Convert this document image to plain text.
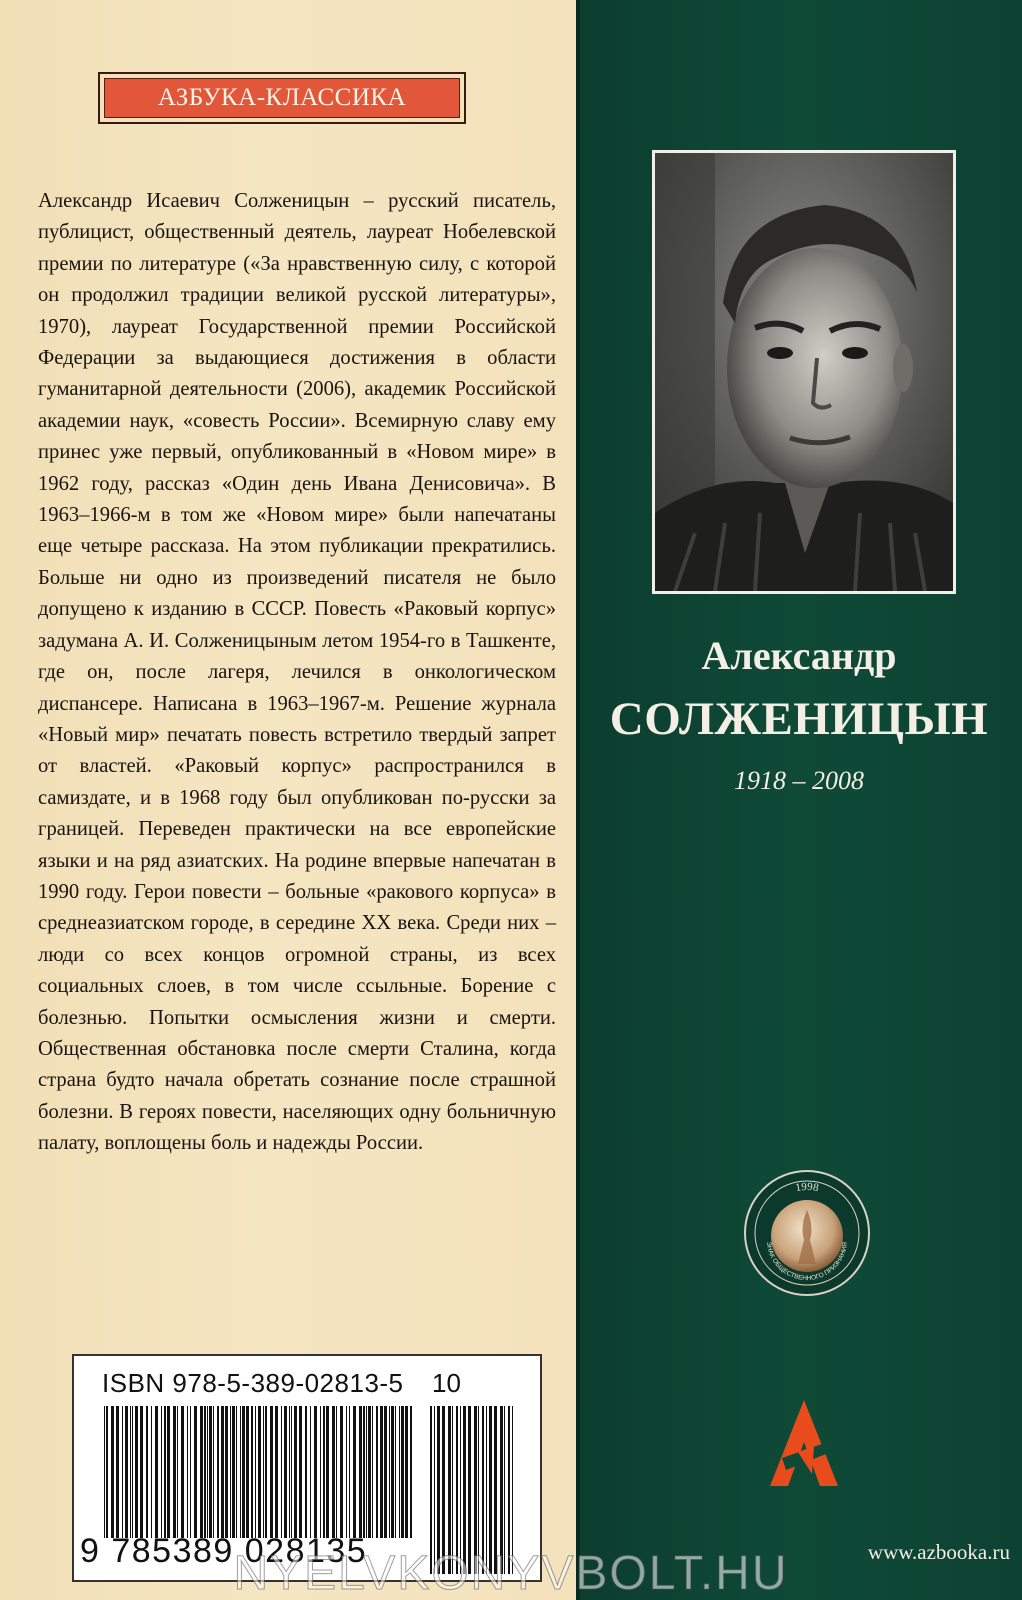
АЗБУКА-КЛАССИКА

Александр Исаевич Солженицын – русский писатель, публицист, общественный деятель, лауреат Нобелевской премии по литературе («За нравственную силу, с которой он продолжил традиции великой русской литературы», 1970), лауреат Государственной премии Российской Федерации за выдающиеся достижения в области гуманитарной деятельности (2006), академик Российской академии наук, «совесть России». Всемирную славу ему принес уже первый, опубликованный в «Новом мире» в 1962 году, рассказ «Один день Ивана Денисовича». В 1963–1966-м в том же «Новом мире» были напечатаны еще четыре рассказа. На этом публикации прекратились. Больше ни одно из произведений писателя не было допущено к изданию в СССР. Повесть «Раковый корпус» задумана А. И. Солженицыным летом 1954-го в Ташкенте, где он, после лагеря, лечился в онкологическом диспансере. Написана в 1963–1967-м. Решение журнала «Новый мир» печатать повесть встретило твердый запрет от властей. «Раковый корпус» распространился в самиздате, и в 1968 году был опубликован по-русски за границей. Переведен практически на все европейские языки и на ряд азиатских. На родине впервые напечатан в 1990 году. Герои повести – больные «ракового корпуса» в среднеазиатском городе, в середине XX века. Среди них – люди со всех концов огромной страны, из всех социальных слоев, в том числе ссыльные. Борение с болезнью. Попытки осмысления жизни и смерти. Общественная обстановка после смерти Сталина, когда страна будто начала обретать сознание после страшной болезни. В героях повести, населяющих одну больничную палату, воплощены боль и надежды России.

ISBN 978-5-389-02813-5 10
9 785389 028135
Александр
СОЛЖЕНИЦЫН

1918 – 2008

1998
ЗНАК ОБЩЕСТВЕННОГО ПРИЗНАНИЯ

www.azbooka.ru

NYELVKONYVBOLT.HU
